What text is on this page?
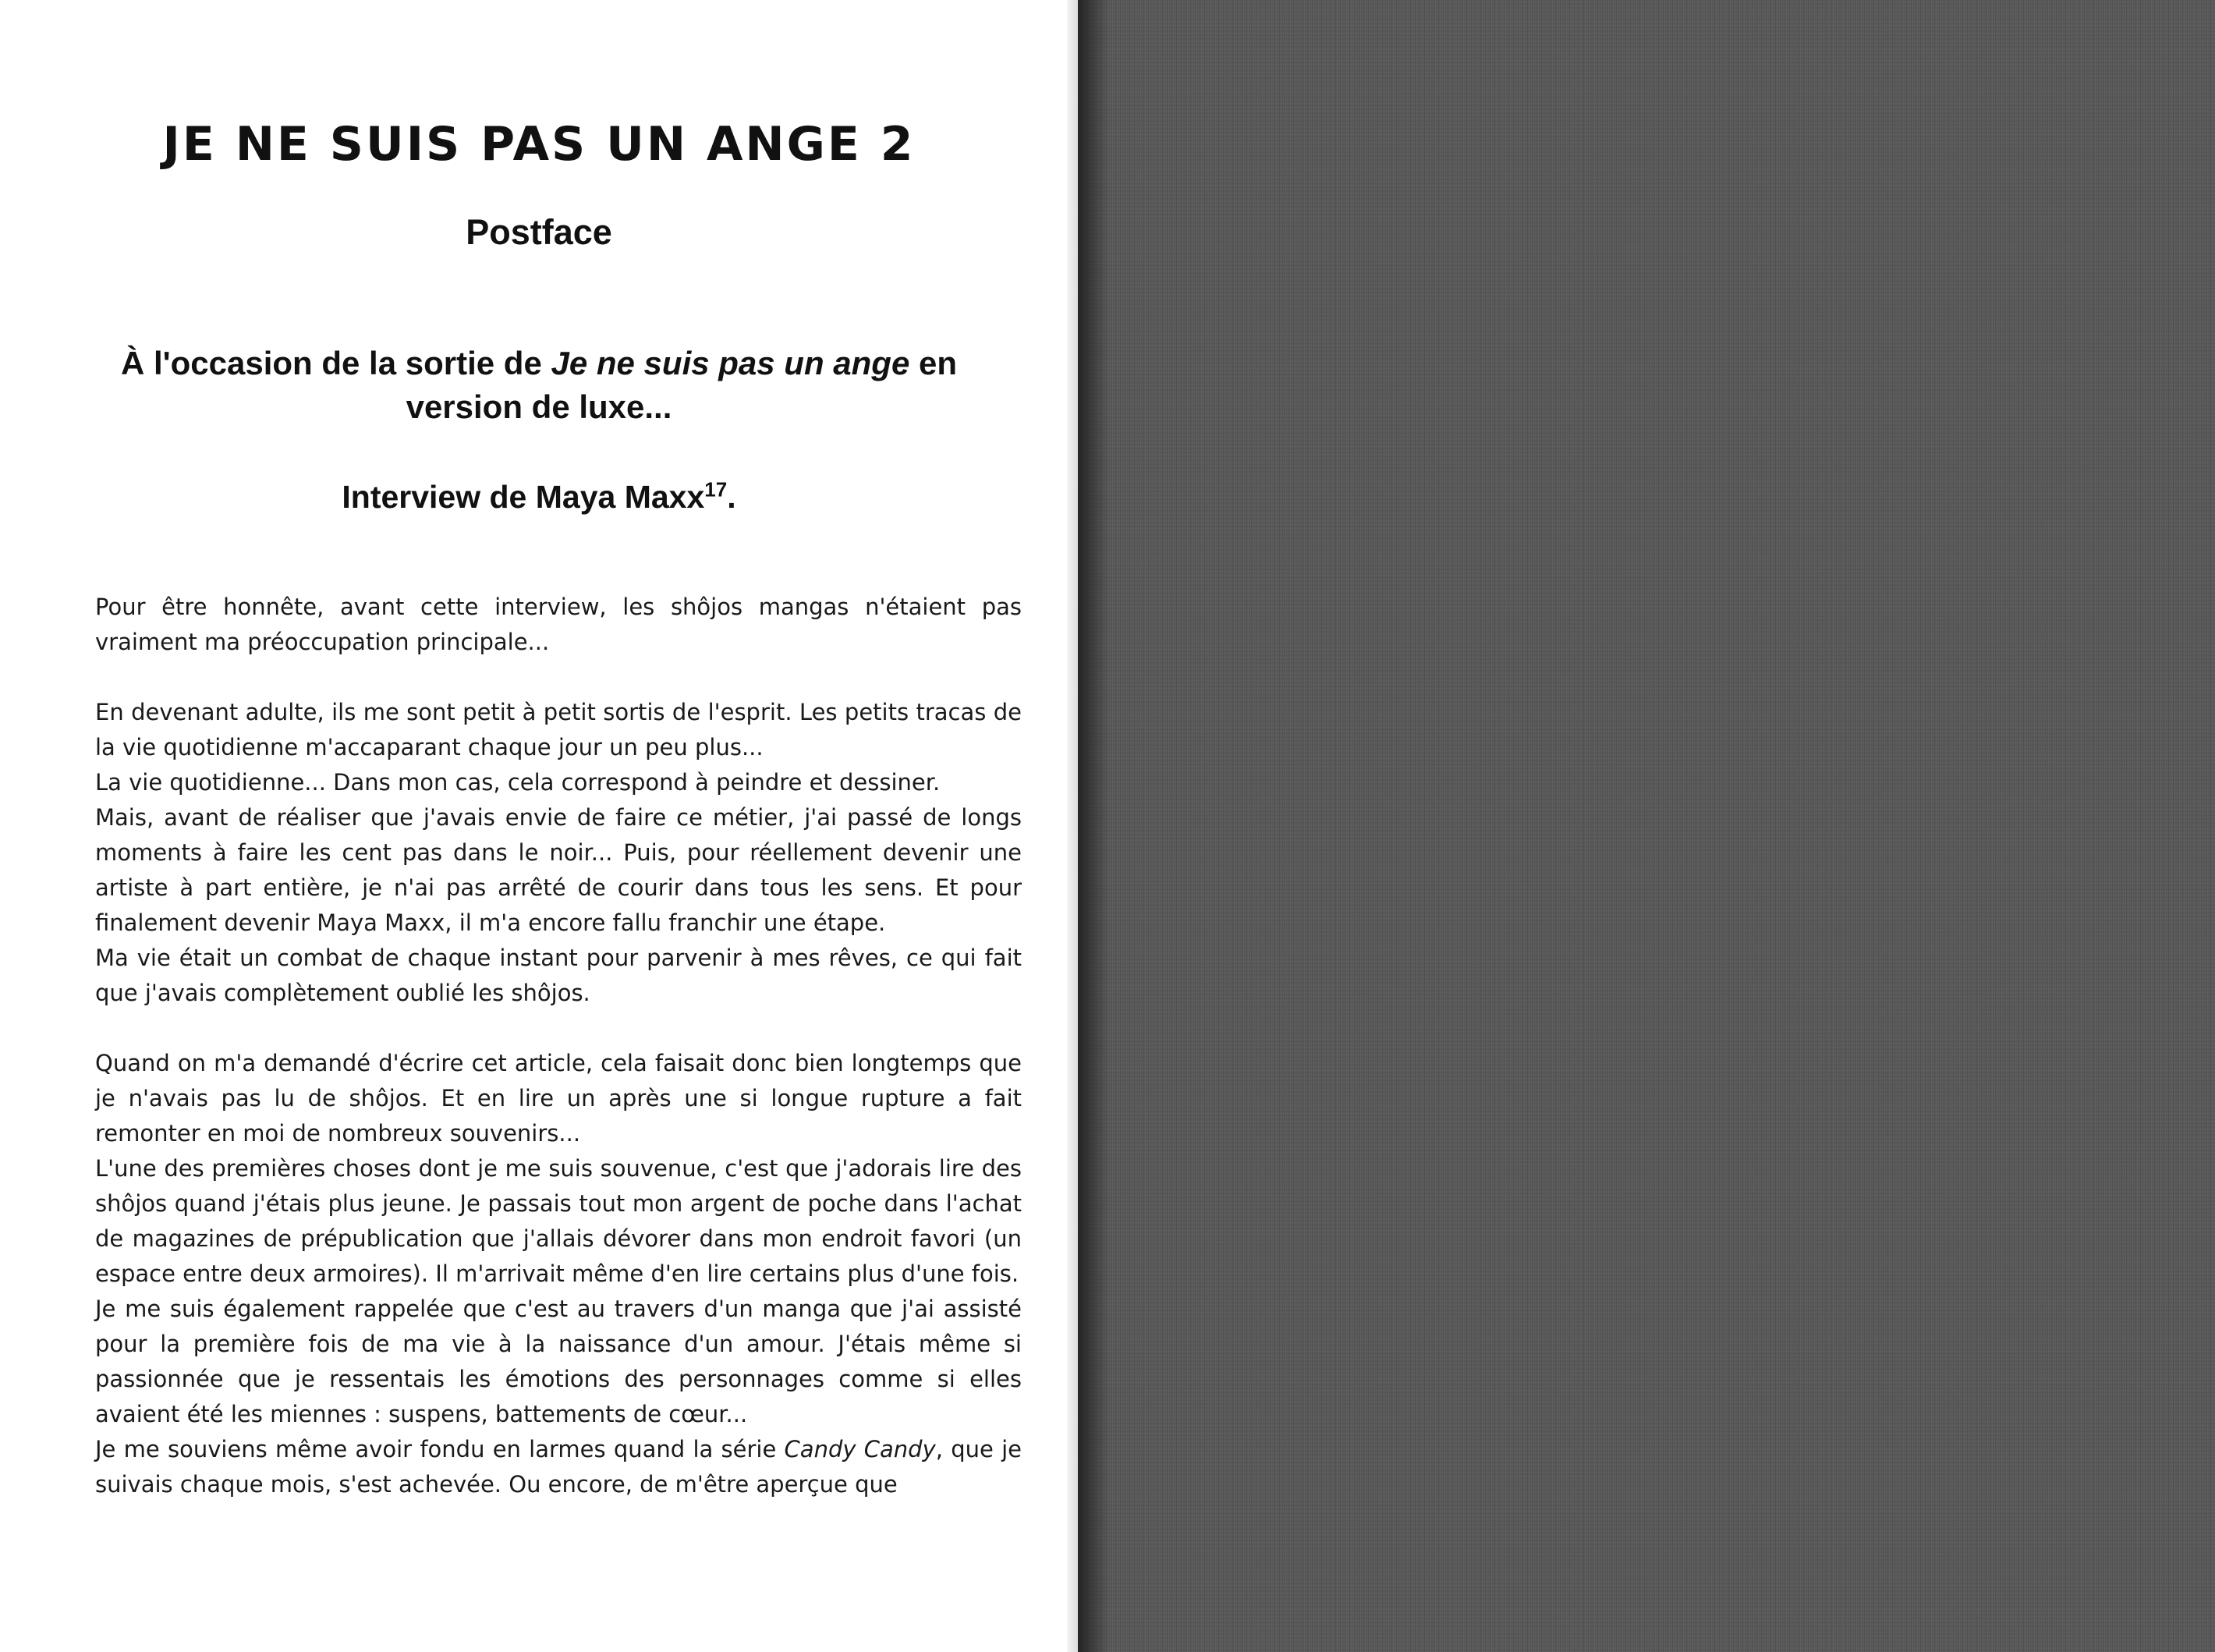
JE NE SUIS PAS UN ANGE 2
Postface
À l'occasion de la sortie de Je ne suis pas un ange en version de luxe...
Interview de Maya Maxx$^{17}$.

Pour être honnête, avant cette interview, les shôjos mangas n'étaient pas vraiment ma préoccupation principale...

En devenant adulte, ils me sont petit à petit sortis de l'esprit. Les petits tracas de la vie quotidienne m'accaparant chaque jour un peu plus...

La vie quotidienne... Dans mon cas, cela correspond à peindre et dessiner.

Mais, avant de réaliser que j'avais envie de faire ce métier, j'ai passé de longs moments à faire les cent pas dans le noir... Puis, pour réellement devenir une artiste à part entière, je n'ai pas arrêté de courir dans tous les sens. Et pour finalement devenir Maya Maxx, il m'a encore fallu franchir une étape.

Ma vie était un combat de chaque instant pour parvenir à mes rêves, ce qui fait que j'avais complètement oublié les shôjos.

Quand on m'a demandé d'écrire cet article, cela faisait donc bien longtemps que je n'avais pas lu de shôjos. Et en lire un après une si longue rupture a fait remonter en moi de nombreux souvenirs...

L'une des premières choses dont je me suis souvenue, c'est que j'adorais lire des shôjos quand j'étais plus jeune. Je passais tout mon argent de poche dans l'achat de magazines de prépublication que j'allais dévorer dans mon endroit favori (un espace entre deux armoires). Il m'arrivait même d'en lire certains plus d'une fois.

Je me suis également rappelée que c'est au travers d'un manga que j'ai assisté pour la première fois de ma vie à la naissance d'un amour. J'étais même si passionnée que je ressentais les émotions des personnages comme si elles avaient été les miennes : suspens, battements de cœur...

Je me souviens même avoir fondu en larmes quand la série Candy Candy, que je suivais chaque mois, s'est achevée. Ou encore, de m'être aperçue que
